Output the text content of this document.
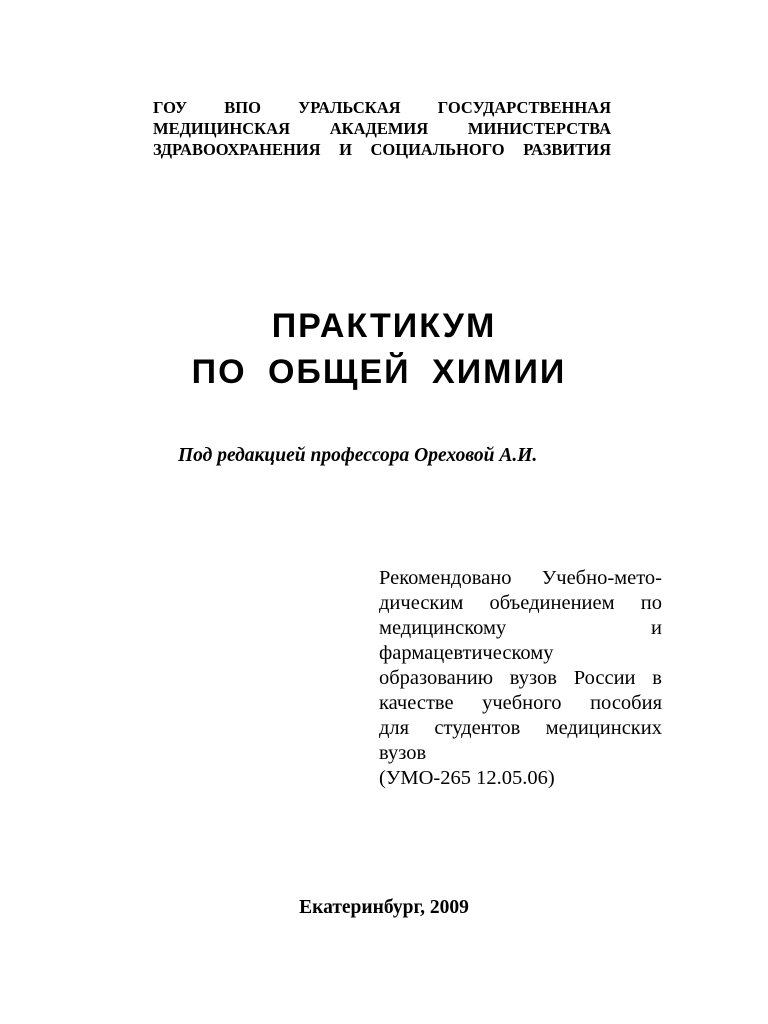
ГОУ ВПО УРАЛЬСКАЯ ГОСУДАРСТВЕННАЯ
МЕДИЦИНСКАЯ АКАДЕМИЯ МИНИСТЕРСТВА
ЗДРАВООХРАНЕНИЯ И СОЦИАЛЬНОГО РАЗВИТИЯ
ПРАКТИКУМ
ПО ОБЩЕЙ ХИМИИ
Под редакцией профессора Ореховой А.И.
Рекомендовано Учебно-мето-
дическим объединением по
медицинскому и
фармацевтическому
образованию вузов России в
качестве учебного пособия
для студентов медицинских
вузов
(УМО-265 12.05.06)
Екатеринбург, 2009
